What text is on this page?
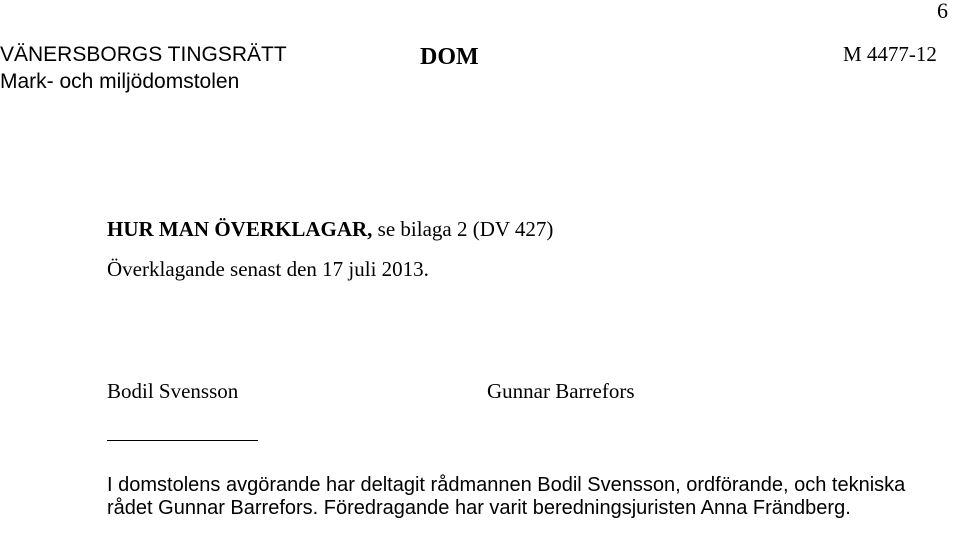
6
VÄNERSBORGS TINGSRÄTT
Mark- och miljödomstolen
DOM	M 4477-12
HUR MAN ÖVERKLAGAR, se bilaga 2 (DV 427)
Överklagande senast den 17 juli 2013.
Bodil Svensson	Gunnar Barrefors

I domstolens avgörande har deltagit rådmannen Bodil Svensson, ordförande, och tekniska rådet Gunnar Barrefors. Föredragande har varit beredningsjuristen Anna Frändberg.
